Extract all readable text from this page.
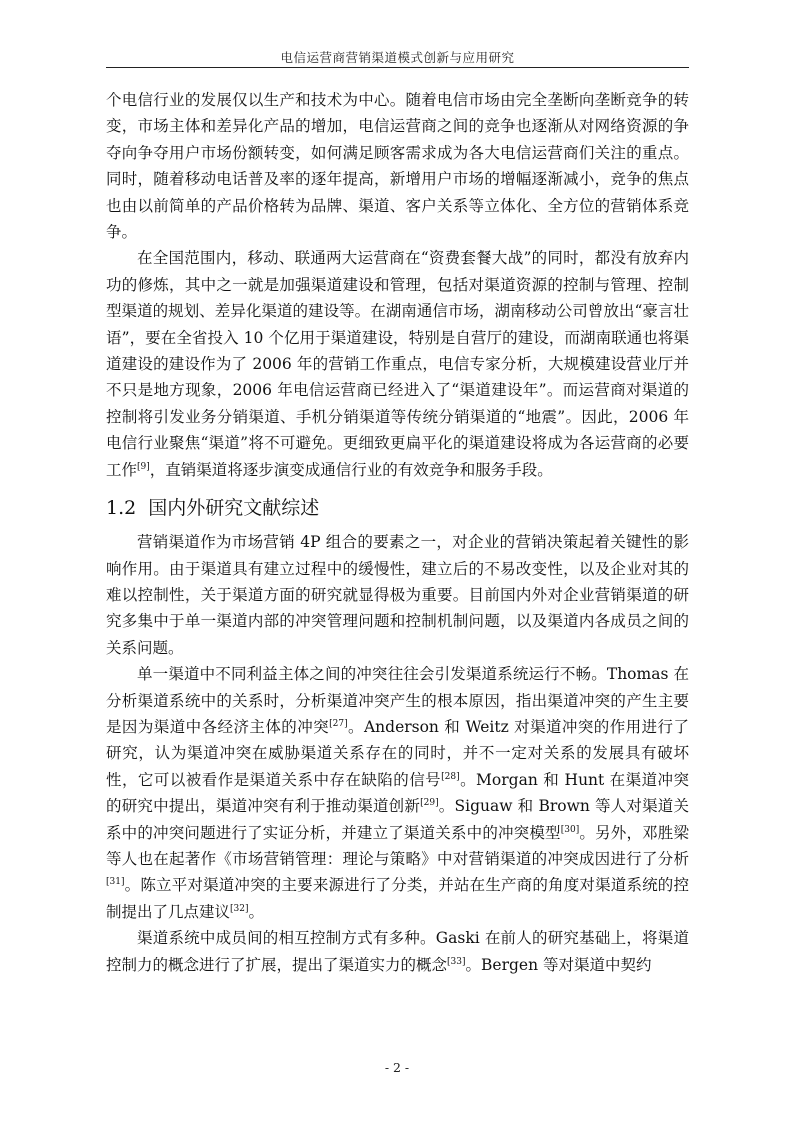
电信运营商营销渠道模式创新与应用研究

个电信行业的发展仅以生产和技术为中心。随着电信市场由完全垄断向垄断竞争的转变，市场主体和差异化产品的增加，电信运营商之间的竞争也逐渐从对网络资源的争夺向争夺用户市场份额转变，如何满足顾客需求成为各大电信运营商们关注的重点。同时，随着移动电话普及率的逐年提高，新增用户市场的增幅逐渐减小，竞争的焦点也由以前简单的产品价格转为品牌、渠道、客户关系等立体化、全方位的营销体系竞争。

在全国范围内，移动、联通两大运营商在“资费套餐大战”的同时，都没有放弃内功的修炼，其中之一就是加强渠道建设和管理，包括对渠道资源的控制与管理、控制型渠道的规划、差异化渠道的建设等。在湖南通信市场，湖南移动公司曾放出“豪言壮语”，要在全省投入 10 个亿用于渠道建设，特别是自营厅的建设，而湖南联通也将渠道建设的建设作为了 2006 年的营销工作重点，电信专家分析，大规模建设营业厅并不只是地方现象，2006 年电信运营商已经进入了“渠道建设年”。而运营商对渠道的控制将引发业务分销渠道、手机分销渠道等传统分销渠道的“地震”。因此，2006 年电信行业聚焦“渠道”将不可避免。更细致更扁平化的渠道建设将成为各运营商的必要工作[9]，直销渠道将逐步演变成通信行业的有效竞争和服务手段。

1.2 国内外研究文献综述

营销渠道作为市场营销 4P 组合的要素之一，对企业的营销决策起着关键性的影响作用。由于渠道具有建立过程中的缓慢性，建立后的不易改变性，以及企业对其的难以控制性，关于渠道方面的研究就显得极为重要。目前国内外对企业营销渠道的研究多集中于单一渠道内部的冲突管理问题和控制机制问题，以及渠道内各成员之间的关系问题。

单一渠道中不同利益主体之间的冲突往往会引发渠道系统运行不畅。Thomas 在分析渠道系统中的关系时，分析渠道冲突产生的根本原因，指出渠道冲突的产生主要是因为渠道中各经济主体的冲突[27]。Anderson 和 Weitz 对渠道冲突的作用进行了研究，认为渠道冲突在威胁渠道关系存在的同时，并不一定对关系的发展具有破坏性，它可以被看作是渠道关系中存在缺陷的信号[28]。Morgan 和 Hunt 在渠道冲突的研究中提出，渠道冲突有利于推动渠道创新[29]。Siguaw 和 Brown 等人对渠道关系中的冲突问题进行了实证分析，并建立了渠道关系中的冲突模型[30]。另外，邓胜梁等人也在起著作《市场营销管理：理论与策略》中对营销渠道的冲突成因进行了分析[31]。陈立平对渠道冲突的主要来源进行了分类，并站在生产商的角度对渠道系统的控制提出了几点建议[32]。

渠道系统中成员间的相互控制方式有多种。Gaski 在前人的研究基础上，将渠道控制力的概念进行了扩展，提出了渠道实力的概念[33]。Bergen 等对渠道中契约

- 2 -
